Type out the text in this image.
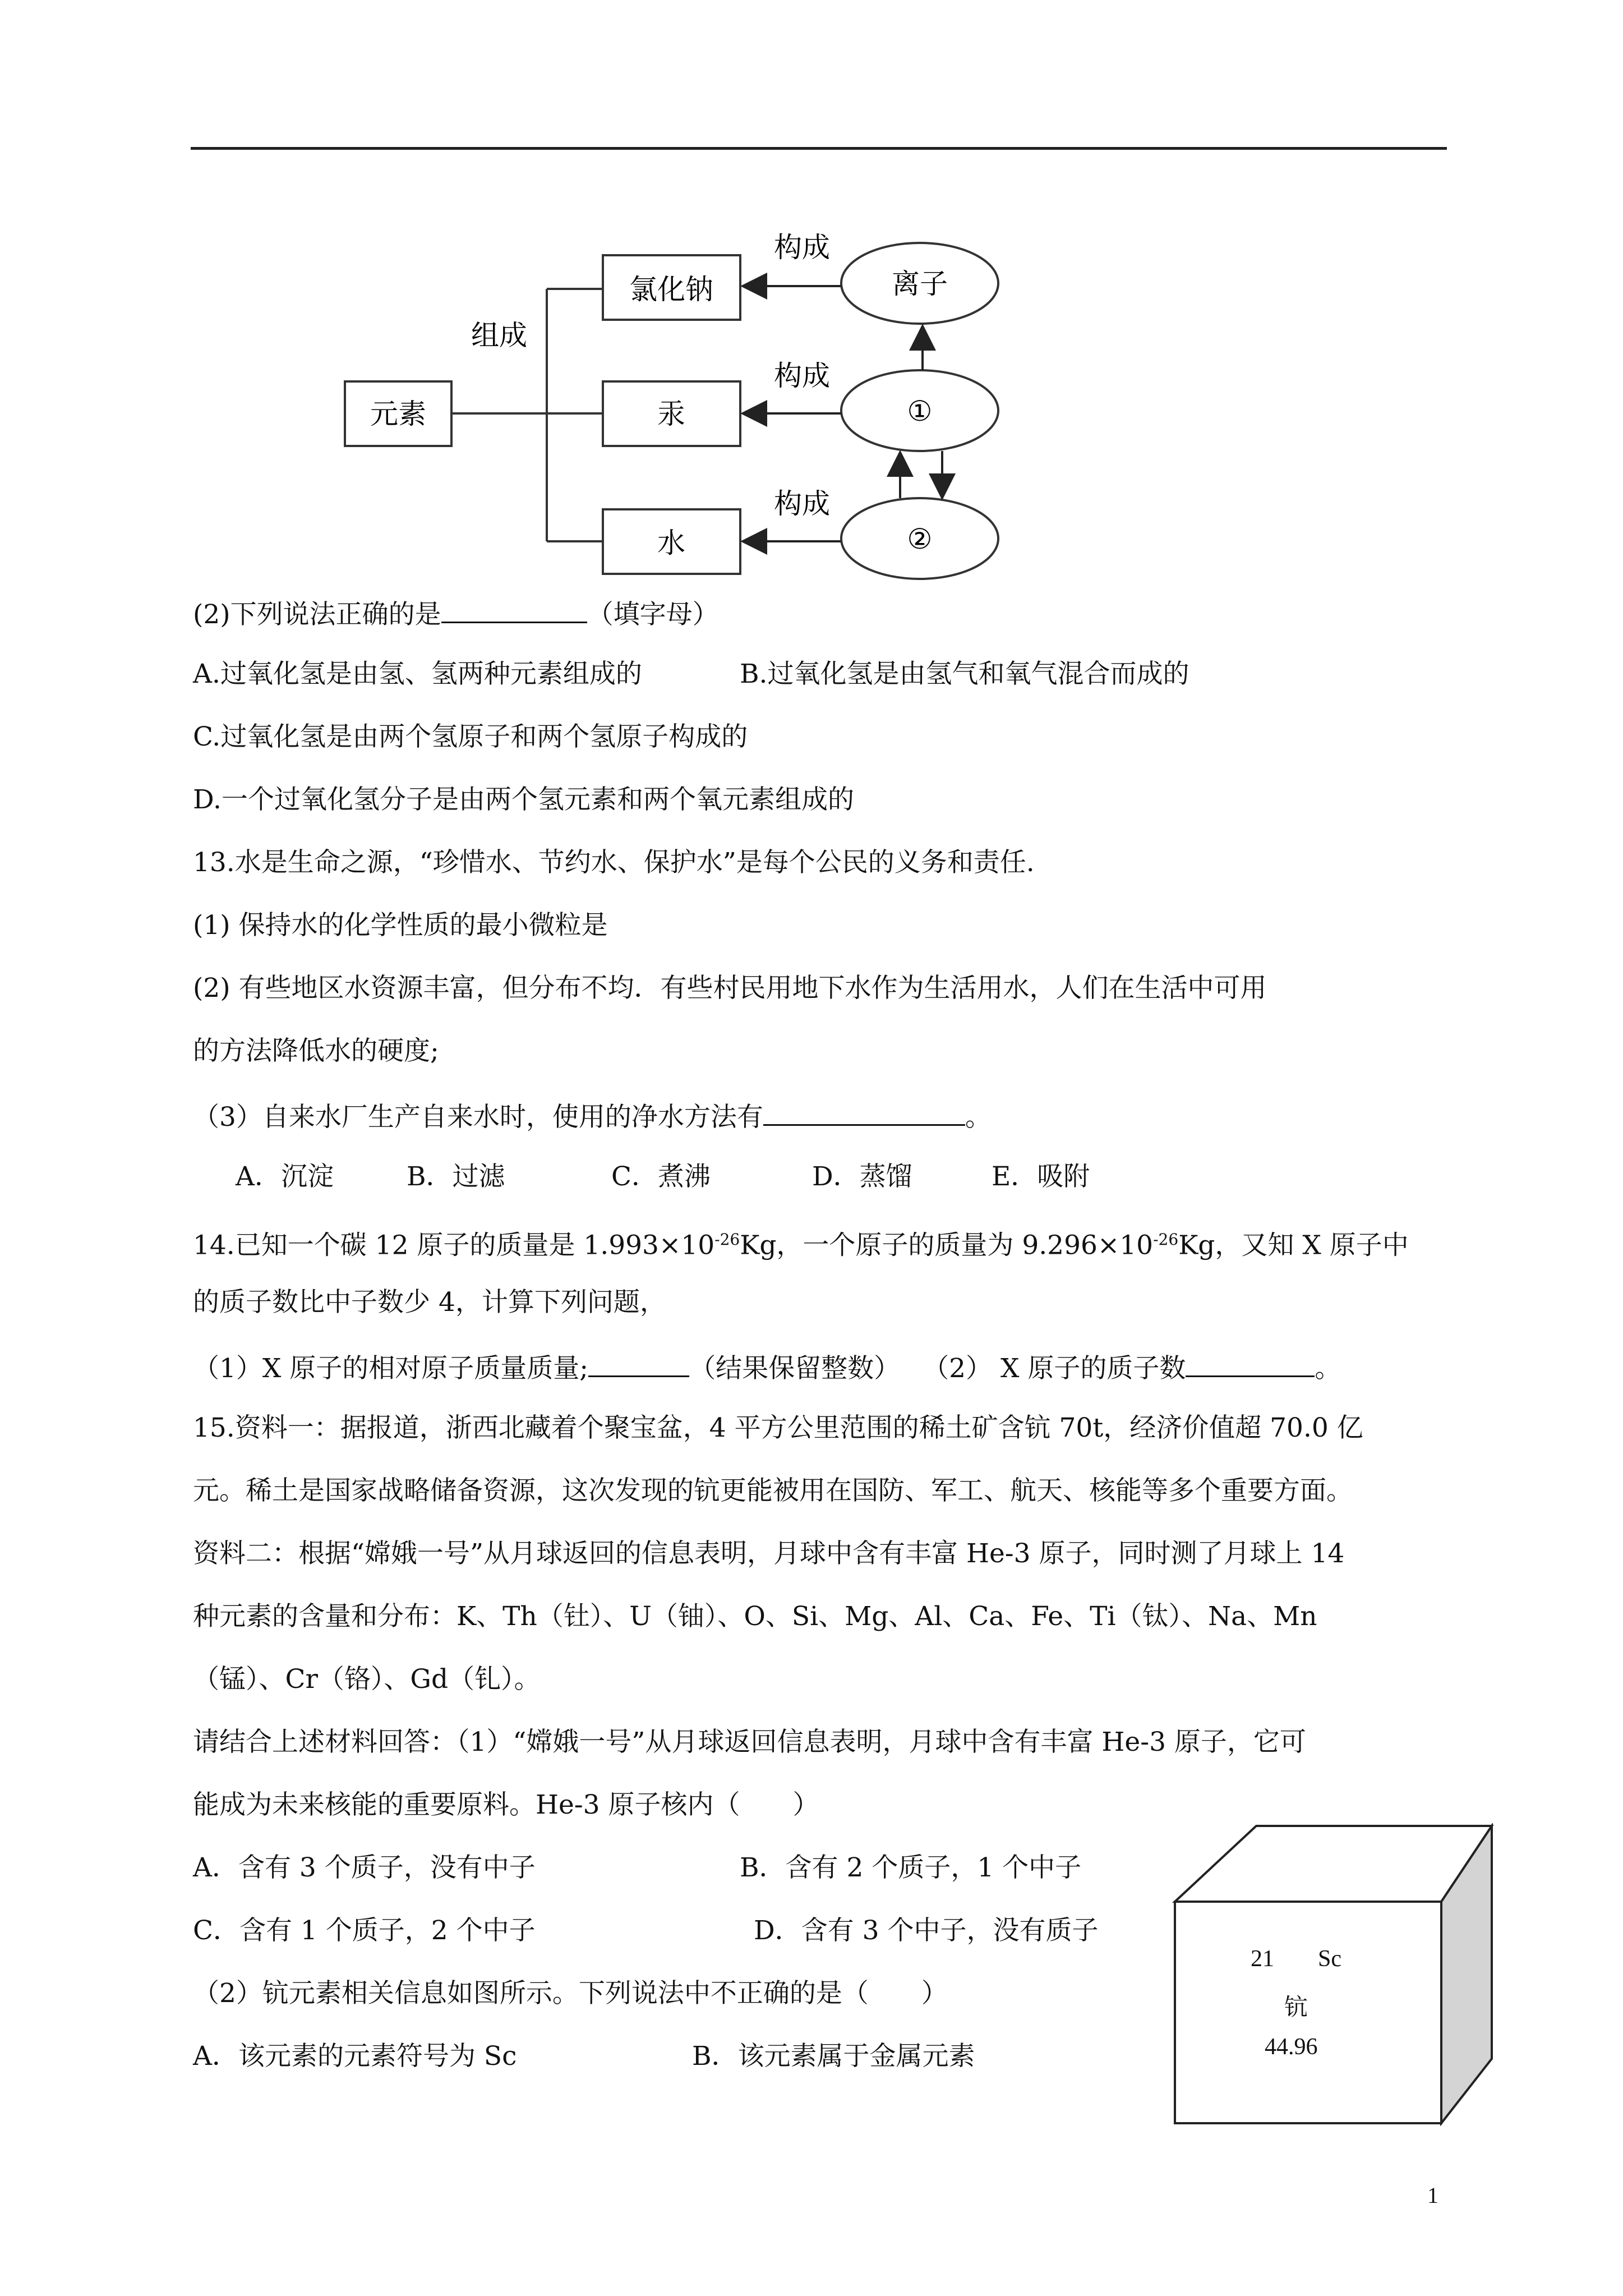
元素
组成
氯化钠
汞
水
离子
①
②
构成
构成
构成
(2)下列说法正确的是	（填字母）
A.过氧化氢是由氢、氢两种元素组成的	B.过氧化氢是由氢气和氧气混合而成的
C.过氧化氢是由两个氢原子和两个氢原子构成的
D.一个过氧化氢分子是由两个氢元素和两个氧元素组成的
13.水是生命之源，“珍惜水、节约水、保护水”是每个公民的义务和责任.
(1) 保持水的化学性质的最小微粒是
(2) 有些地区水资源丰富，但分布不均．有些村民用地下水作为生活用水，人们在生活中可用
的方法降低水的硬度;
（3）自来水厂生产自来水时，使用的净水方法有	。
A．沉淀	B．过滤	C．煮沸	D．蒸馏	E．吸附
14.已知一个碳 12 原子的质量是 $1.993\times 10^{-26}Kg$，一个原子的质量为 $9.296\times 10^{-26}Kg$，又知 X 原子中
的质子数比中子数少 4，计算下列问题，
（1）X 原子的相对原子质量质量;	（结果保留整数） （2） X 原子的质子数	。
15.资料一：据报道，浙西北藏着个聚宝盆，4 平方公里范围的稀土矿含钪 70t，经济价值超 70.0 亿
元。稀土是国家战略储备资源，这次发现的钪更能被用在国防、军工、航天、核能等多个重要方面。
资料二：根据“嫦娥一号”从月球返回的信息表明，月球中含有丰富 He-3 原子，同时测了月球上 14
种元素的含量和分布：K、Th（钍）、U（铀）、O、Si、Mg、Al、Ca、Fe、Ti（钛）、Na、Mn
（锰）、Cr（铬）、Gd（钆）。
请结合上述材料回答：（1）“嫦娥一号”从月球返回信息表明，月球中含有丰富 He-3 原子，它可
能成为未来核能的重要原料。He-3 原子核内（　　）
A．含有 3 个质子，没有中子	B．含有 2 个质子，1 个中子
C．含有 1 个质子，2 个中子	D．含有 3 个中子，没有质子
（2）钪元素相关信息如图所示。下列说法中不正确的是（　　）
A．该元素的元素符号为 Sc	B．该元素属于金属元素
21 Sc
钪
44.96
1
